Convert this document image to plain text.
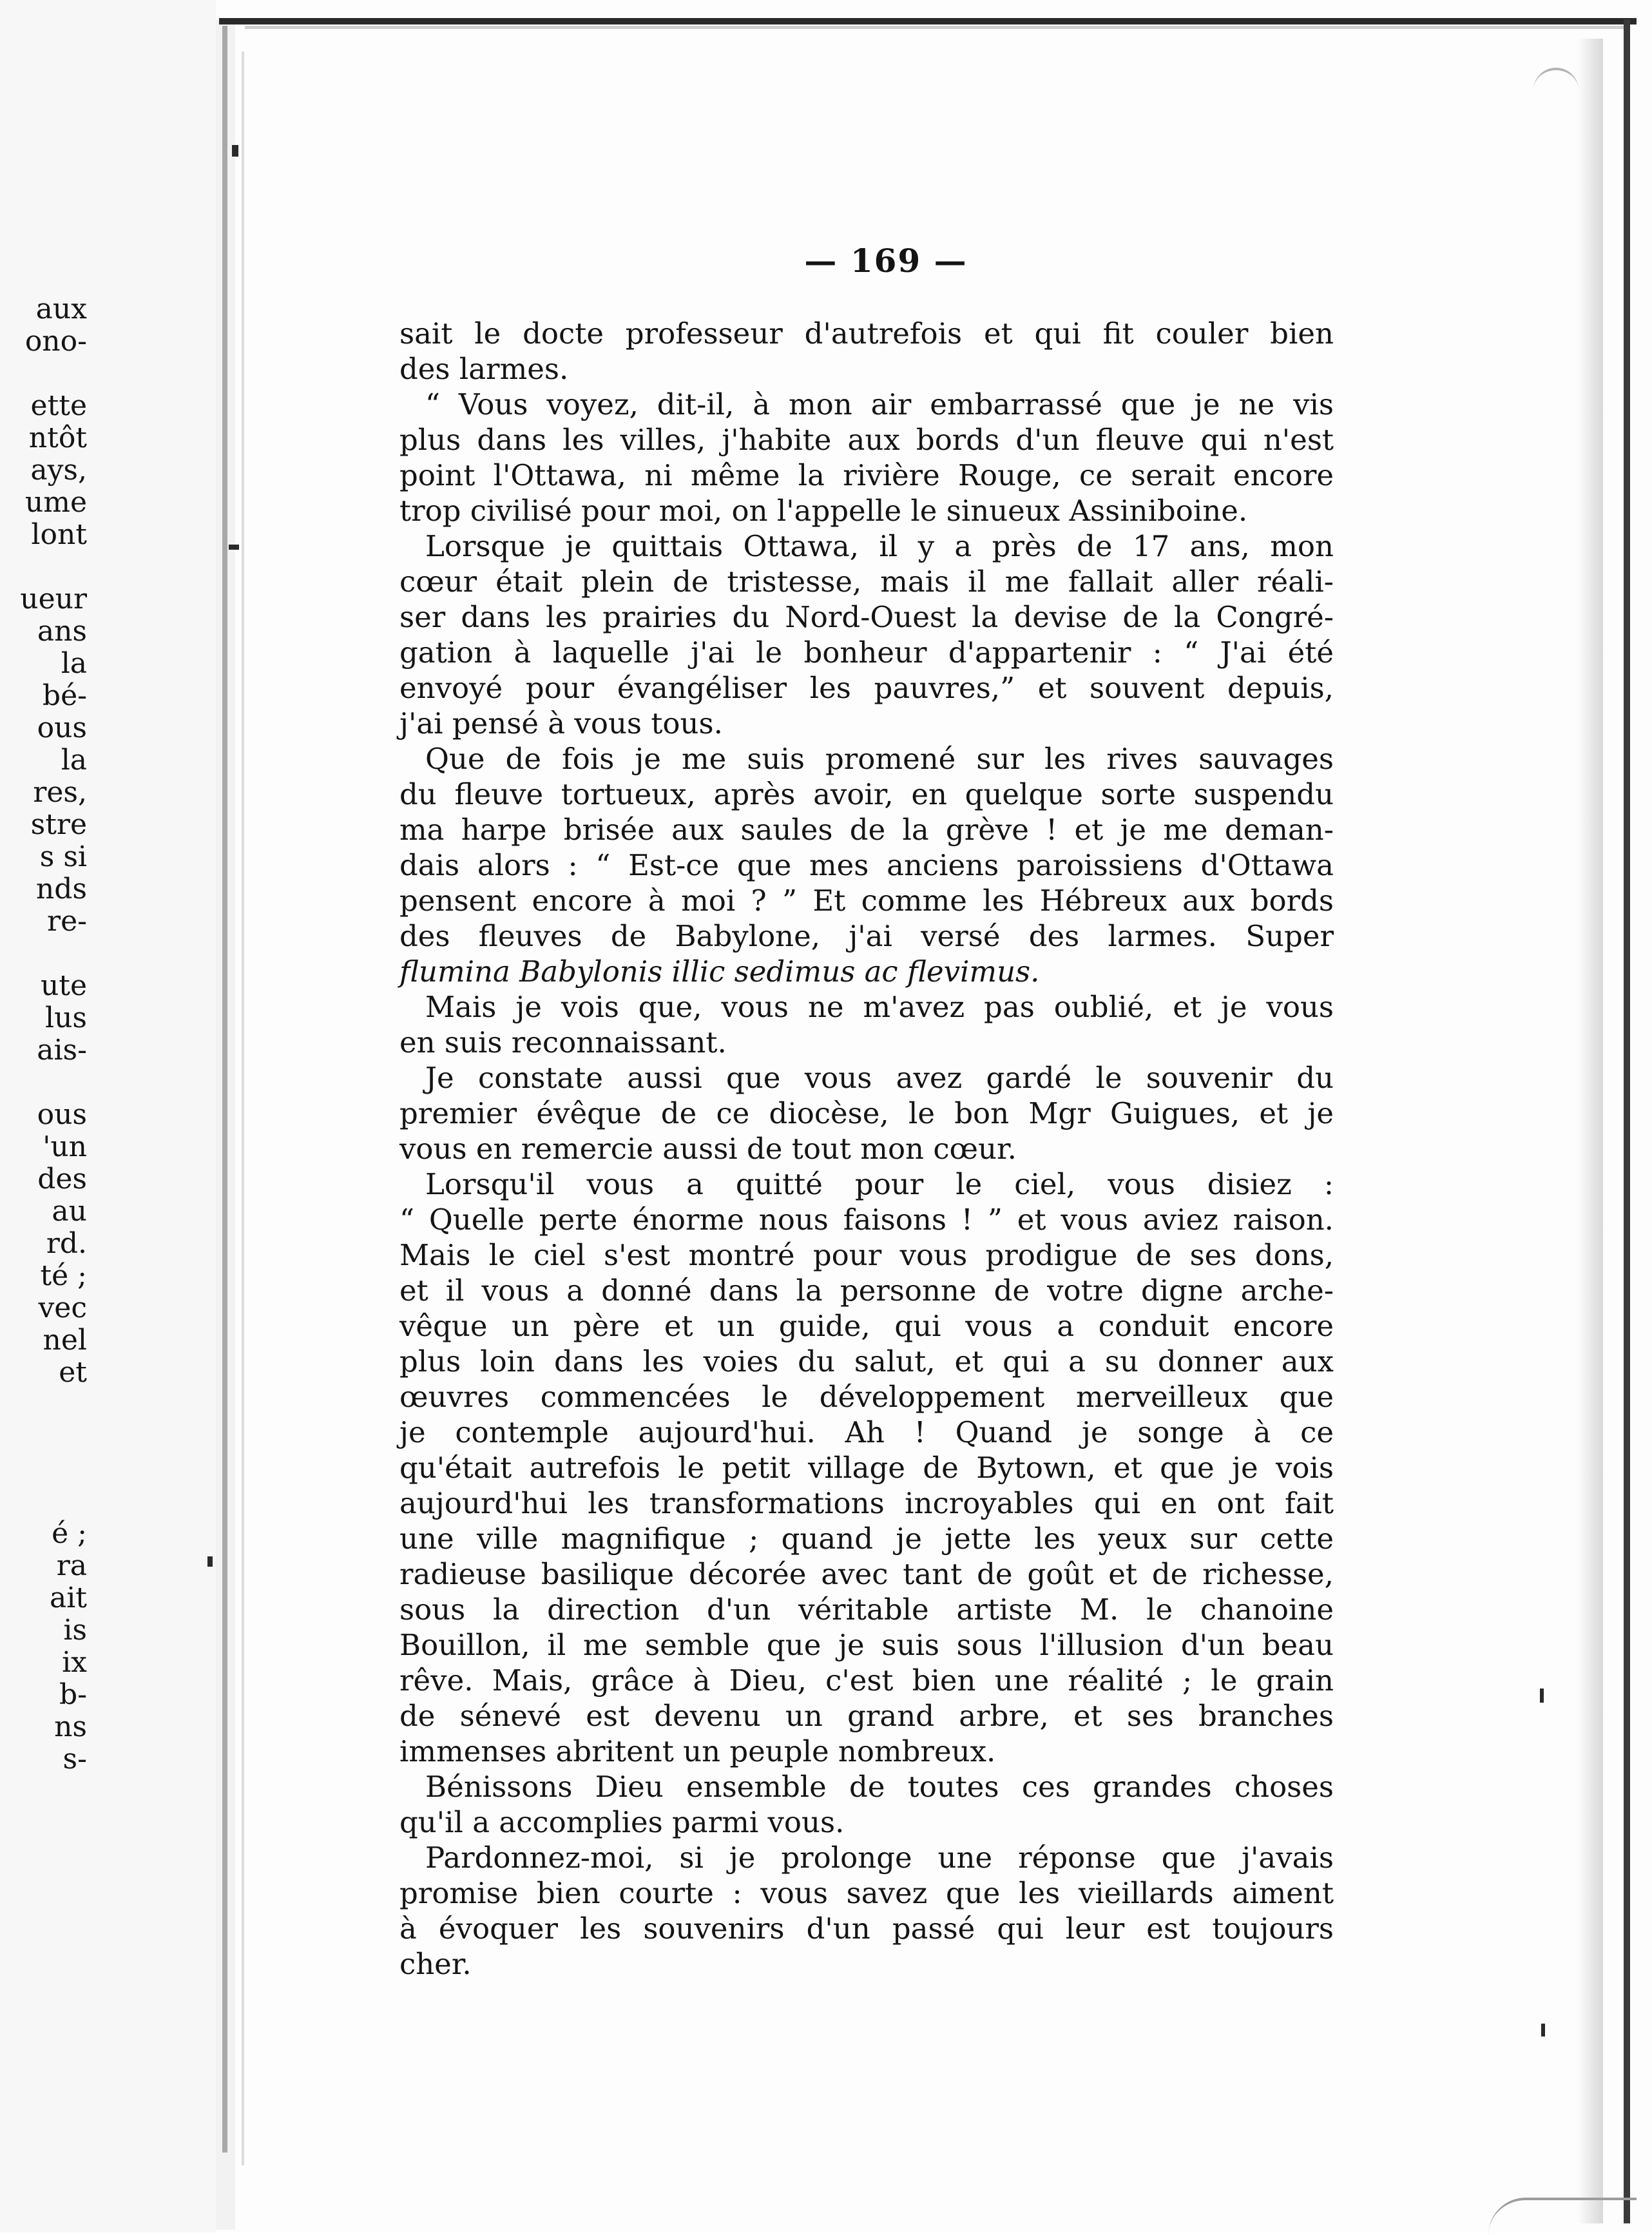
aux
ono-
ette
ntôt
ays,
ume
lont
ueur
ans
la
bé-
ous
la
res,
stre
s si
nds
re-
ute
lus
ais-
ous
'un
des
au
rd.
té ;
vec
nel
et
é ;
ra
ait
is
ix
b-
ns
s-
— 169 —
sait le docte professeur d'autrefois et qui fit couler bien
des larmes.
“ Vous voyez, dit-il, à mon air embarrassé que je ne vis
plus dans les villes, j'habite aux bords d'un fleuve qui n'est
point l'Ottawa, ni même la rivière Rouge, ce serait encore
trop civilisé pour moi, on l'appelle le sinueux Assiniboine.
Lorsque je quittais Ottawa, il y a près de 17 ans, mon
cœur était plein de tristesse, mais il me fallait aller réali-
ser dans les prairies du Nord-Ouest la devise de la Congré-
gation à laquelle j'ai le bonheur d'appartenir : “ J'ai été
envoyé pour évangéliser les pauvres,” et souvent depuis,
j'ai pensé à vous tous.
Que de fois je me suis promené sur les rives sauvages
du fleuve tortueux, après avoir, en quelque sorte suspendu
ma harpe brisée aux saules de la grève ! et je me deman-
dais alors : “ Est-ce que mes anciens paroissiens d'Ottawa
pensent encore à moi ? ” Et comme les Hébreux aux bords
des fleuves de Babylone, j'ai versé des larmes. Super
flumina Babylonis illic sedimus ac flevimus.
Mais je vois que, vous ne m'avez pas oublié, et je vous
en suis reconnaissant.
Je constate aussi que vous avez gardé le souvenir du
premier évêque de ce diocèse, le bon Mgr Guigues, et je
vous en remercie aussi de tout mon cœur.
Lorsqu'il vous a quitté pour le ciel, vous disiez :
“ Quelle perte énorme nous faisons ! ” et vous aviez raison.
Mais le ciel s'est montré pour vous prodigue de ses dons,
et il vous a donné dans la personne de votre digne arche-
vêque un père et un guide, qui vous a conduit encore
plus loin dans les voies du salut, et qui a su donner aux
œuvres commencées le développement merveilleux que
je contemple aujourd'hui. Ah ! Quand je songe à ce
qu'était autrefois le petit village de Bytown, et que je vois
aujourd'hui les transformations incroyables qui en ont fait
une ville magnifique ; quand je jette les yeux sur cette
radieuse basilique décorée avec tant de goût et de richesse,
sous la direction d'un véritable artiste M. le chanoine
Bouillon, il me semble que je suis sous l'illusion d'un beau
rêve. Mais, grâce à Dieu, c'est bien une réalité ; le grain
de sénevé est devenu un grand arbre, et ses branches
immenses abritent un peuple nombreux.
Bénissons Dieu ensemble de toutes ces grandes choses
qu'il a accomplies parmi vous.
Pardonnez-moi, si je prolonge une réponse que j'avais
promise bien courte : vous savez que les vieillards aiment
à évoquer les souvenirs d'un passé qui leur est toujours
cher.
